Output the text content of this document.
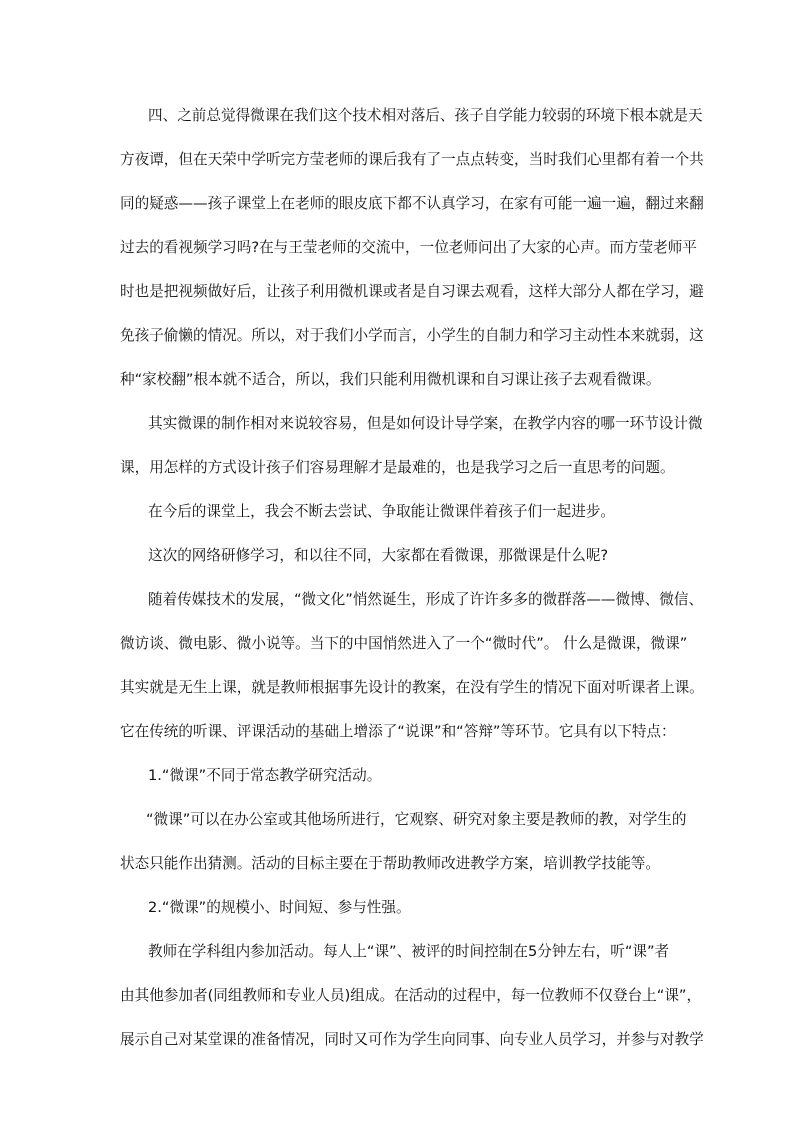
四、之前总觉得微课在我们这个技术相对落后、孩子自学能力较弱的环境下根本就是天
方夜谭，但在天荣中学听完方莹老师的课后我有了一点点转变，当时我们心里都有着一个共
同的疑惑——孩子课堂上在老师的眼皮底下都不认真学习，在家有可能一遍一遍，翻过来翻
过去的看视频学习吗?在与王莹老师的交流中，一位老师问出了大家的心声。而方莹老师平
时也是把视频做好后，让孩子利用微机课或者是自习课去观看，这样大部分人都在学习，避
免孩子偷懒的情况。所以，对于我们小学而言，小学生的自制力和学习主动性本来就弱，这
种“家校翻”根本就不适合，所以，我们只能利用微机课和自习课让孩子去观看微课。
其实微课的制作相对来说较容易，但是如何设计导学案，在教学内容的哪一环节设计微
课，用怎样的方式设计孩子们容易理解才是最难的，也是我学习之后一直思考的问题。
在今后的课堂上，我会不断去尝试、争取能让微课伴着孩子们一起进步。
这次的网络研修学习，和以往不同，大家都在看微课，那微课是什么呢?
随着传媒技术的发展，“微文化”悄然诞生，形成了许许多多的微群落——微博、微信、
微访谈、微电影、微小说等。当下的中国悄然进入了一个“微时代”。 什么是微课，微课”
其实就是无生上课，就是教师根据事先设计的教案，在没有学生的情况下面对听课者上课。
它在传统的听课、评课活动的基础上增添了“说课”和“答辩”等环节。它具有以下特点：
1.“微课”不同于常态教学研究活动。
“微课”可以在办公室或其他场所进行，它观察、研究对象主要是教师的教，对学生的
状态只能作出猜测。活动的目标主要在于帮助教师改进教学方案，培训教学技能等。
2.“微课”的规模小、时间短、参与性强。
教师在学科组内参加活动。每人上“课”、被评的时间控制在5分钟左右，听“课”者
由其他参加者(同组教师和专业人员)组成。在活动的过程中，每一位教师不仅登台上“课”，
展示自己对某堂课的准备情况，同时又可作为学生向同事、向专业人员学习，并参与对教学
